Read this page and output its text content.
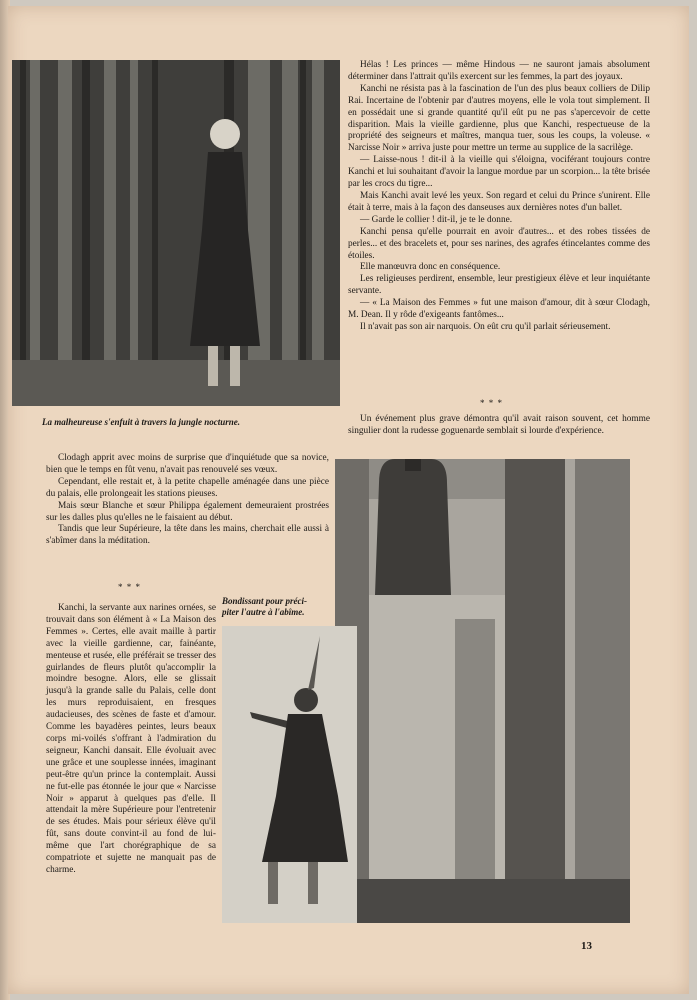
La malheureuse s'enfuit à travers la jungle nocturne.

Hélas ! Les princes — même Hindous — ne sauront jamais absolument déterminer dans l'attrait qu'ils exercent sur les femmes, la part des joyaux.

Kanchi ne résista pas à la fascination de l'un des plus beaux colliers de Dilip Rai. Incertaine de l'obtenir par d'autres moyens, elle le vola tout simplement. Il en possédait une si grande quantité qu'il eût pu ne pas s'apercevoir de cette disparition. Mais la vieille gardienne, plus que Kanchi, respectueuse de la propriété des seigneurs et maîtres, manqua tuer, sous les coups, la voleuse. « Narcisse Noir » arriva juste pour mettre un terme au supplice de la sacrilège.

— Laisse-nous ! dit-il à la vieille qui s'éloigna, vociférant toujours contre Kanchi et lui souhaitant d'avoir la langue mordue par un scorpion... la tête brisée par les crocs du tigre...

Mais Kanchi avait levé les yeux. Son regard et celui du Prince s'unirent. Elle était à terre, mais à la façon des danseuses aux dernières notes d'un ballet.

— Garde le collier ! dit-il, je te le donne.

Kanchi pensa qu'elle pourrait en avoir d'autres... et des robes tissées de perles... et des bracelets et, pour ses narines, des agrafes étincelantes comme des étoiles.

Elle manœuvra donc en conséquence.

Les religieuses perdirent, ensemble, leur prestigieux élève et leur inquiétante servante.

— « La Maison des Femmes » fut une maison d'amour, dit à sœur Clodagh, M. Dean. Il y rôde d'exigeants fantômes...

Il n'avait pas son air narquois. On eût cru qu'il parlait sérieusement.

* * *

Un événement plus grave démontra qu'il avait raison souvent, cet homme singulier dont la rudesse goguenarde semblait si lourde d'expérience.

Clodagh apprit avec moins de surprise que d'inquiétude que sa novice, bien que le temps en fût venu, n'avait pas renouvelé ses vœux.

Cependant, elle restait et, à la petite chapelle aménagée dans une pièce du palais, elle prolongeait les stations pieuses.

Mais sœur Blanche et sœur Philippa également demeuraient prostrées sur les dalles plus qu'elles ne le faisaient au début.

Tandis que leur Supérieure, la tête dans les mains, cherchait elle aussi à s'abîmer dans la méditation.

* * *
Bondissant pour préci-
piter l'autre à l'abîme.

Kanchi, la servante aux narines ornées, se trouvait dans son élément à « La Maison des Femmes ». Certes, elle avait maille à partir avec la vieille gardienne, car, fainéante, menteuse et rusée, elle préférait se tresser des guirlandes de fleurs plutôt qu'accomplir la moindre besogne. Alors, elle se glissait jusqu'à la grande salle du Palais, celle dont les murs reproduisaient, en fresques audacieuses, des scènes de faste et d'amour. Comme les bayadères peintes, leurs beaux corps mi-voilés s'offrant à l'admiration du seigneur, Kanchi dansait. Elle évoluait avec une grâce et une souplesse innées, imaginant peut-être qu'un prince la contemplait. Aussi ne fut-elle pas étonnée le jour que « Narcisse Noir » apparut à quelques pas d'elle. Il attendait la mère Supérieure pour l'entretenir de ses études. Mais pour sérieux élève qu'il fût, sans doute convint-il au fond de lui-même que l'art chorégraphique de sa compatriote et sujette ne manquait pas de charme.

13
